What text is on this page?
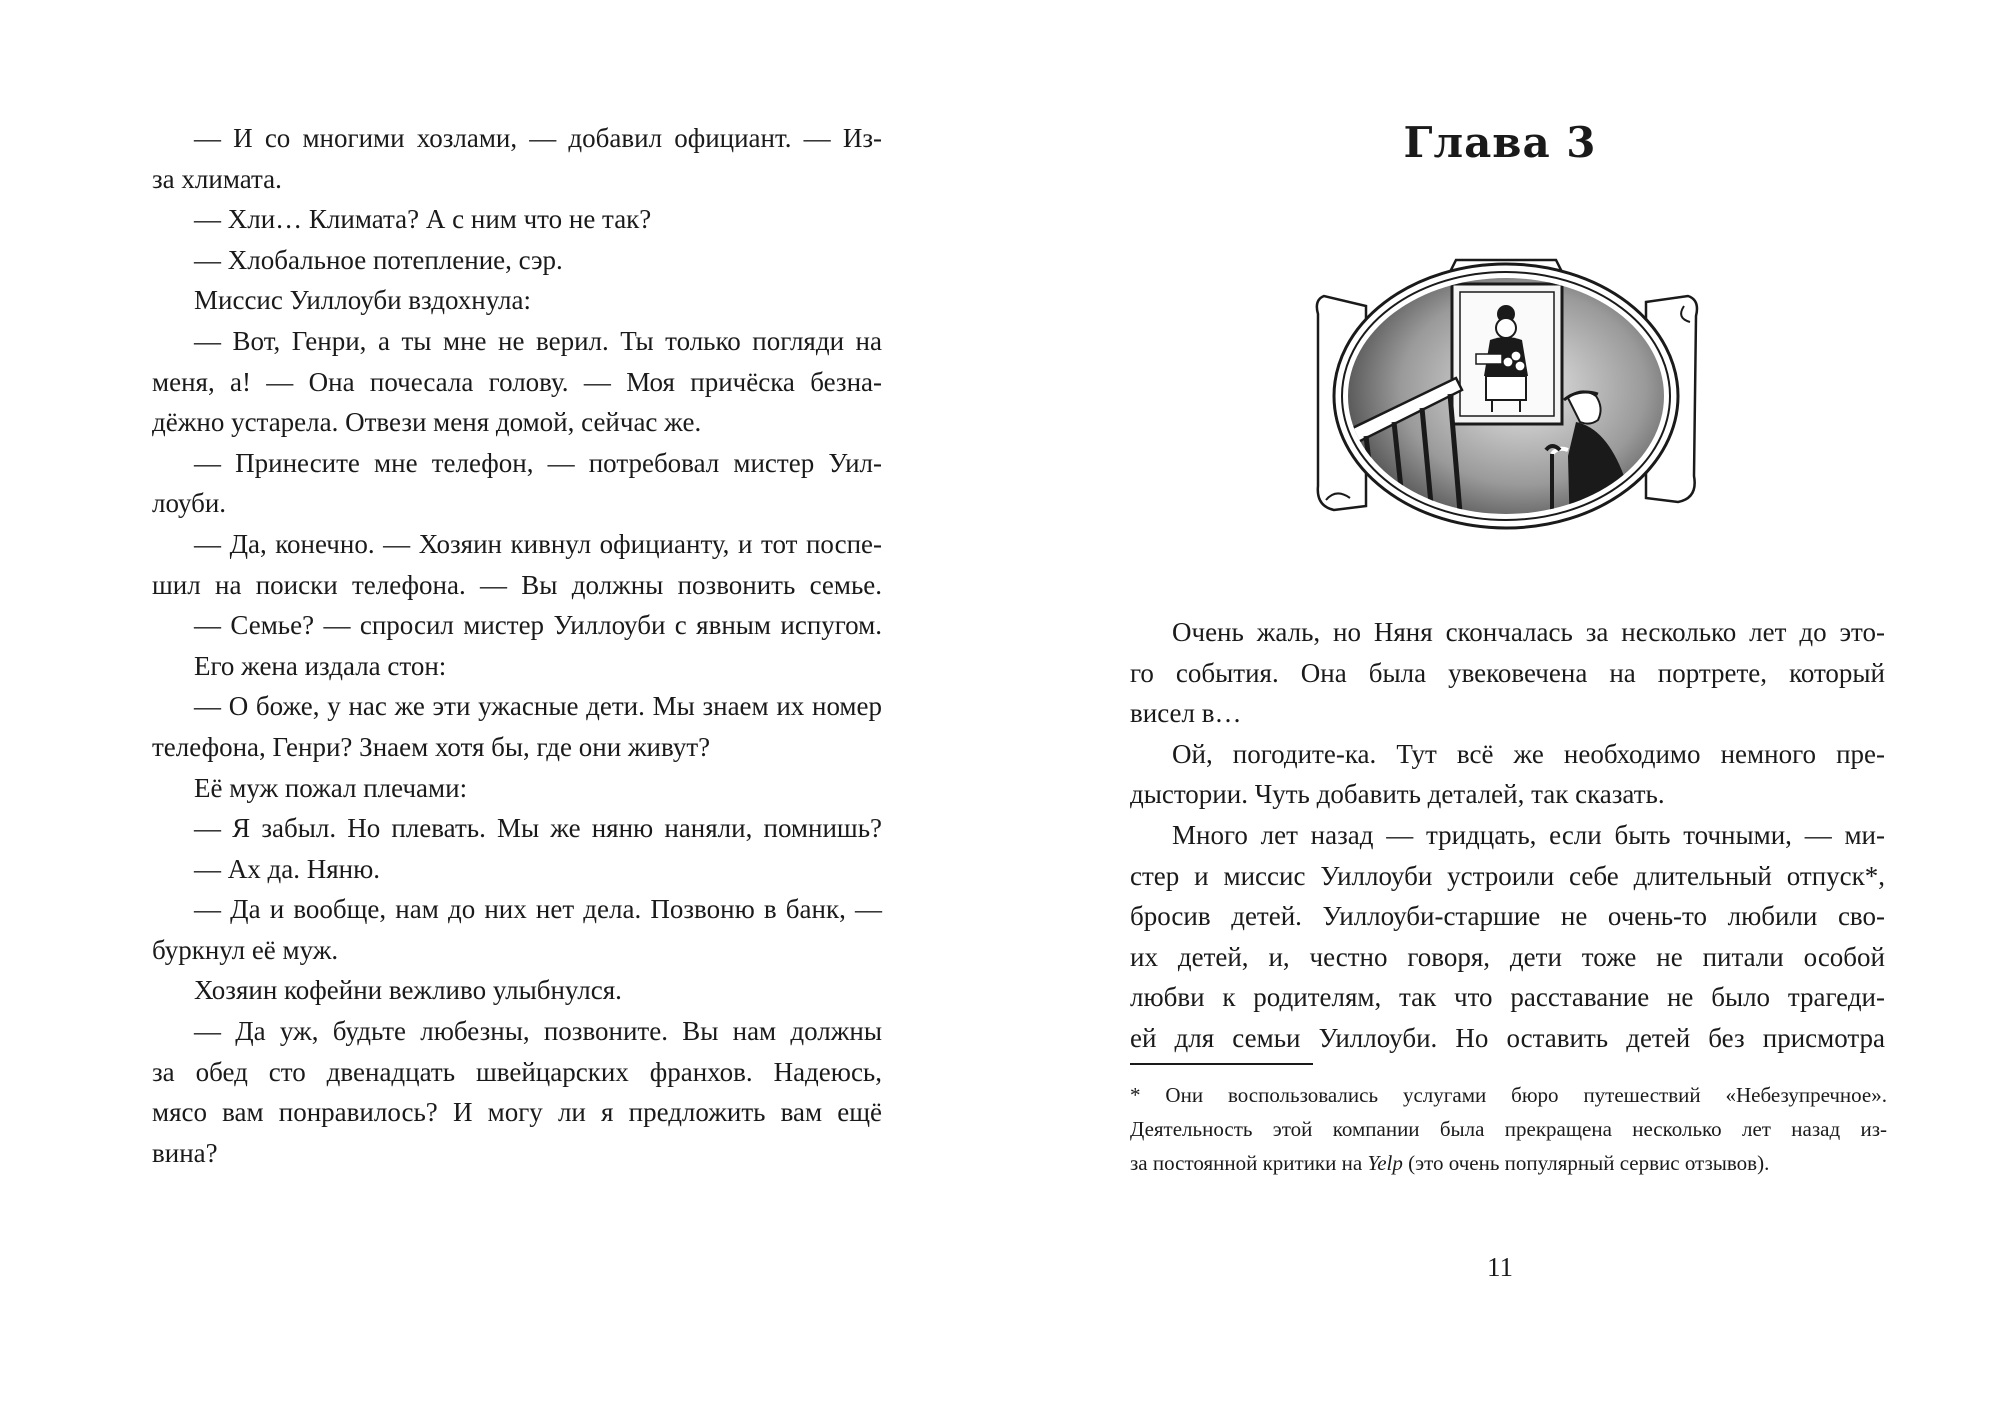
— И со многими хозлами, — добавил официант. — Из-
за хлимата.
— Хли… Климата? А с ним что не так?
— Хлобальное потепление, сэр.
Миссис Уиллоуби вздохнула:
— Вот, Генри, а ты мне не верил. Ты только погляди на
меня, а! — Она почесала голову. — Моя причёска безна-
дёжно устарела. Отвези меня домой, сейчас же.
— Принесите мне телефон, — потребовал мистер Уил-
лоуби.
— Да, конечно. — Хозяин кивнул официанту, и тот поспе-
шил на поиски телефона. — Вы должны позвонить семье.
— Семье? — спросил мистер Уиллоуби с явным испугом.
Его жена издала стон:
— О боже, у нас же эти ужасные дети. Мы знаем их номер
телефона, Генри? Знаем хотя бы, где они живут?
Её муж пожал плечами:
— Я забыл. Но плевать. Мы же няню наняли, помнишь?
— Ах да. Няню.
— Да и вообще, нам до них нет дела. Позвоню в банк, —
буркнул её муж.
Хозяин кофейни вежливо улыбнулся.
— Да уж, будьте любезны, позвоните. Вы нам должны
за обед сто двенадцать швейцарских франхов. Надеюсь,
мясо вам понравилось? И могу ли я предложить вам ещё
вина?
Глава 3
Очень жаль, но Няня скончалась за несколько лет до это-
го события. Она была увековечена на портрете, который
висел в…
Ой, погодите-ка. Тут всё же необходимо немного пре-
дыстории. Чуть добавить деталей, так сказать.
Много лет назад — тридцать, если быть точными, — ми-
стер и миссис Уиллоуби устроили себе длительный отпуск*,
бросив детей. Уиллоуби-старшие не очень-то любили сво-
их детей, и, честно говоря, дети тоже не питали особой
любви к родителям, так что расставание не было трагеди-
ей для семьи Уиллоуби. Но оставить детей без присмотра
* Они воспользовались услугами бюро путешествий «Небезупречное».
Деятельность этой компании была прекращена несколько лет назад из-
за постоянной критики на Yelp (это очень популярный сервис отзывов).
11
